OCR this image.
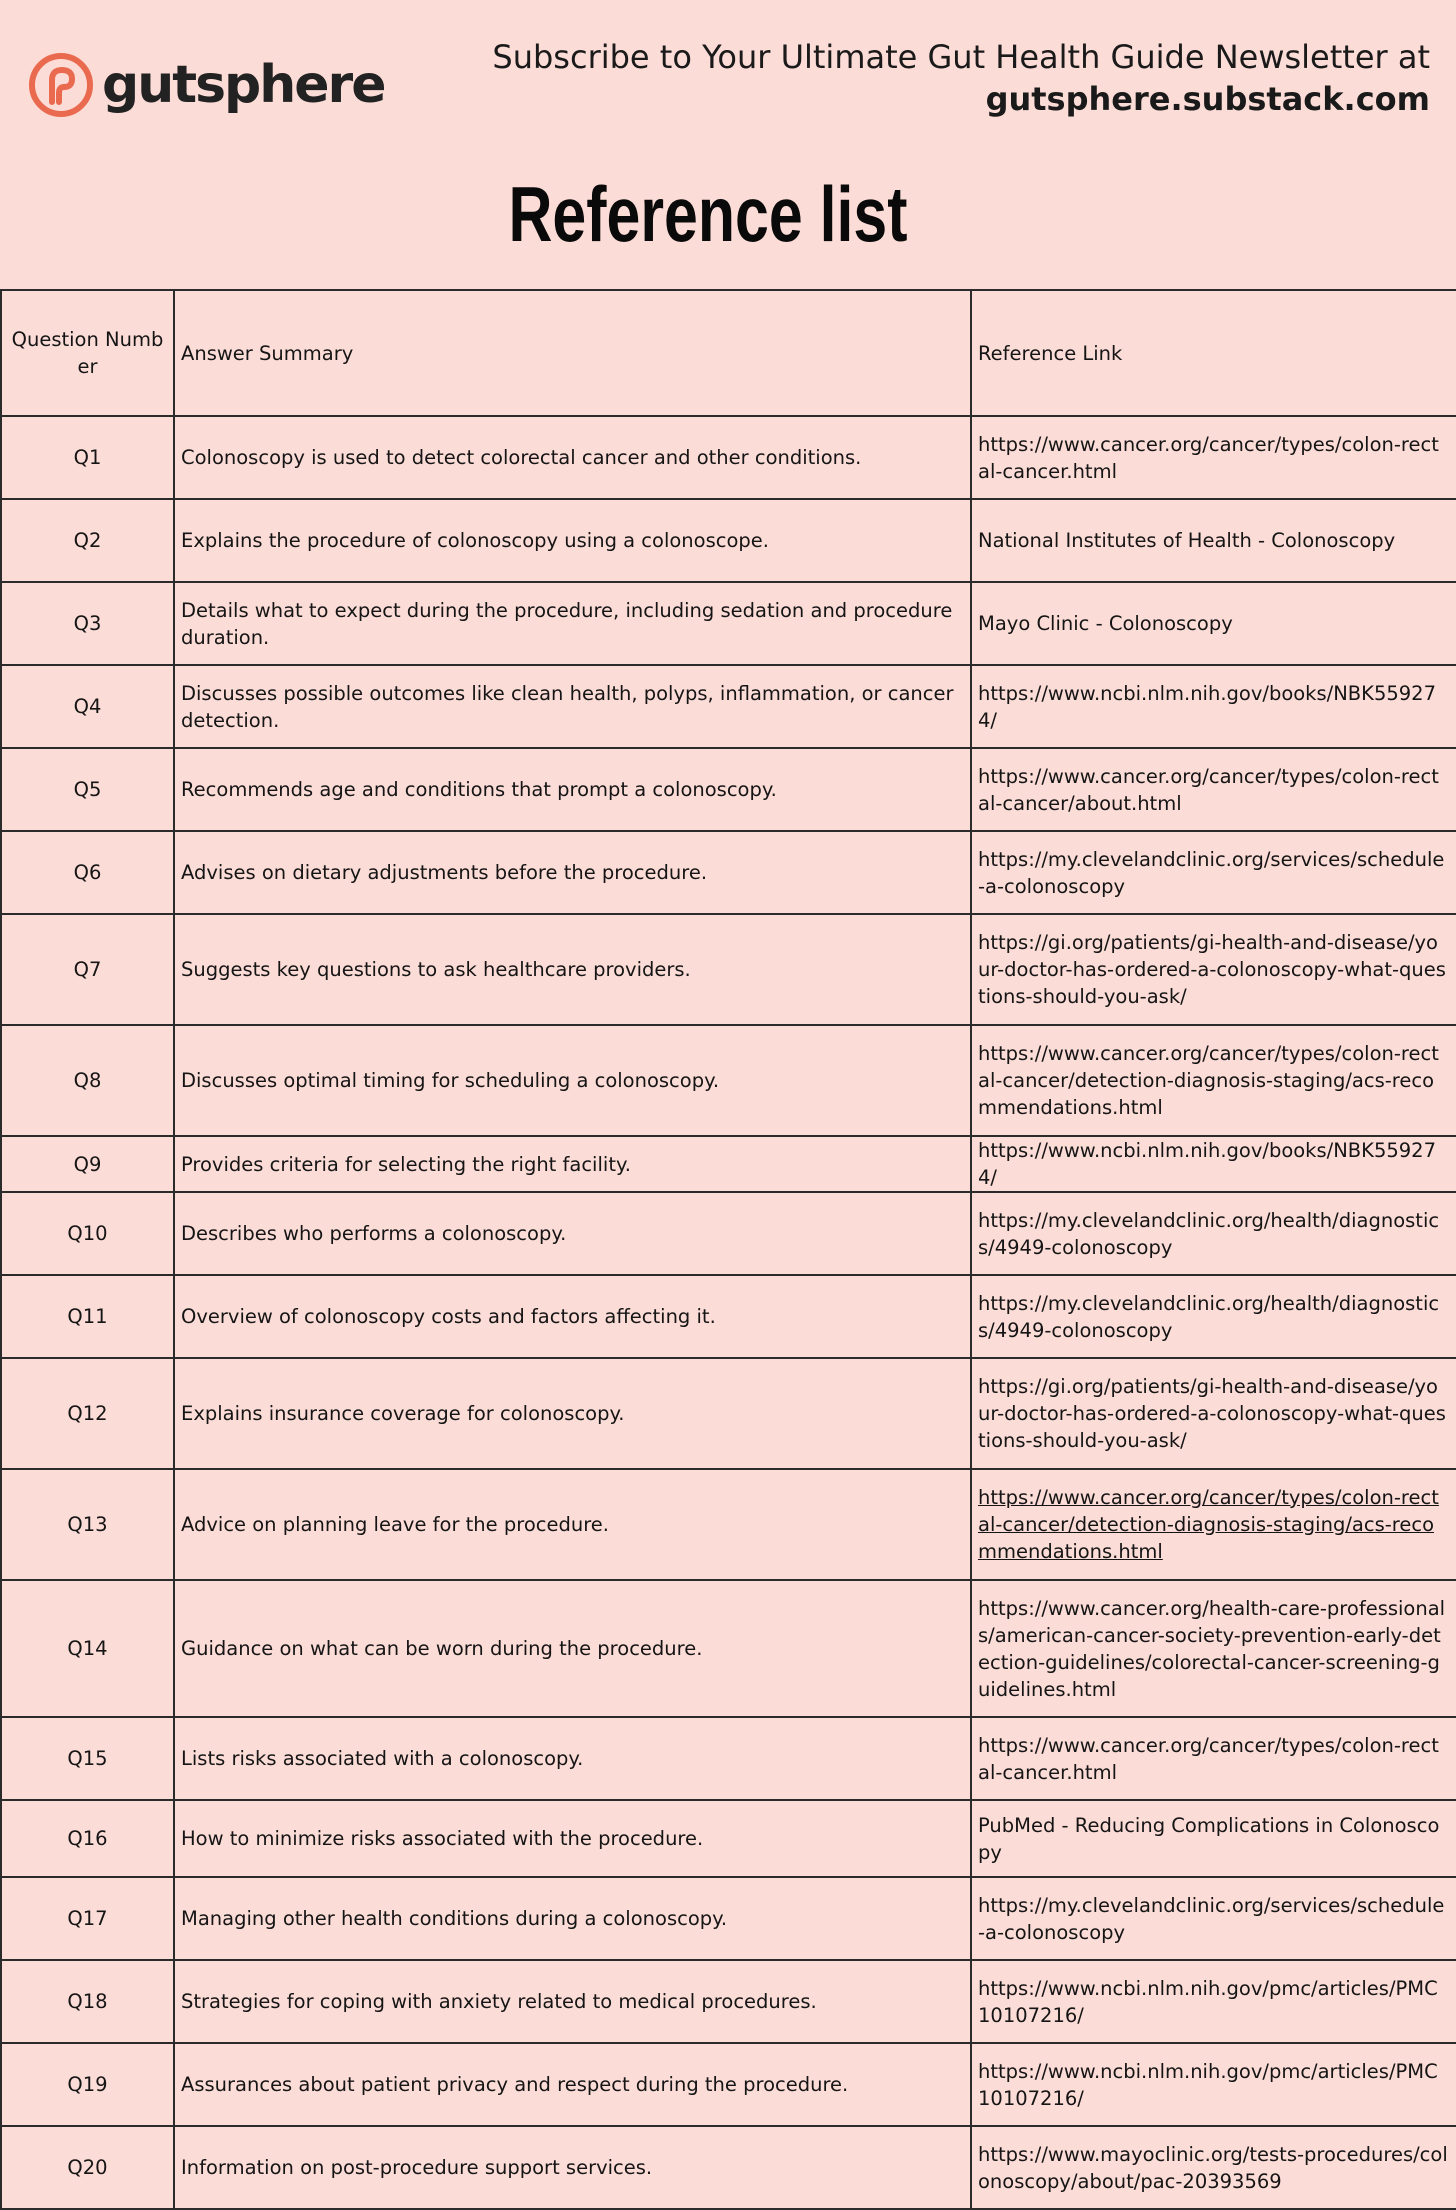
gutsphere	Subscribe to Your Ultimate Gut Health Guide Newsletter at
gutsphere.substack.com
Reference list
Question Number	Answer Summary	Reference Link
Q1	Colonoscopy is used to detect colorectal cancer and other conditions.	https://www.cancer.org/cancer/types/colon-rectal-cancer.html
Q2	Explains the procedure of colonoscopy using a colonoscope.	National Institutes of Health - Colonoscopy
Q3	Details what to expect during the procedure, including sedation and procedure duration.	Mayo Clinic - Colonoscopy
Q4	Discusses possible outcomes like clean health, polyps, inflammation, or cancer detection.	https://www.ncbi.nlm.nih.gov/books/NBK559274/
Q5	Recommends age and conditions that prompt a colonoscopy.	https://www.cancer.org/cancer/types/colon-rectal-cancer/about.html
Q6	Advises on dietary adjustments before the procedure.	https://my.clevelandclinic.org/services/schedule-a-colonoscopy
Q7	Suggests key questions to ask healthcare providers.	https://gi.org/patients/gi-health-and-disease/your-doctor-has-ordered-a-colonoscopy-what-questions-should-you-ask/
Q8	Discusses optimal timing for scheduling a colonoscopy.	https://www.cancer.org/cancer/types/colon-rectal-cancer/detection-diagnosis-staging/acs-recommendations.html
Q9	Provides criteria for selecting the right facility.	https://www.ncbi.nlm.nih.gov/books/NBK559274/
Q10	Describes who performs a colonoscopy.	https://my.clevelandclinic.org/health/diagnostics/4949-colonoscopy
Q11	Overview of colonoscopy costs and factors affecting it.	https://my.clevelandclinic.org/health/diagnostics/4949-colonoscopy
Q12	Explains insurance coverage for colonoscopy.	https://gi.org/patients/gi-health-and-disease/your-doctor-has-ordered-a-colonoscopy-what-questions-should-you-ask/
Q13	Advice on planning leave for the procedure.	https://www.cancer.org/cancer/types/colon-rectal-cancer/detection-diagnosis-staging/acs-recommendations.html
Q14	Guidance on what can be worn during the procedure.	https://www.cancer.org/health-care-professionals/american-cancer-society-prevention-early-detection-guidelines/colorectal-cancer-screening-guidelines.html
Q15	Lists risks associated with a colonoscopy.	https://www.cancer.org/cancer/types/colon-rectal-cancer.html
Q16	How to minimize risks associated with the procedure.	PubMed - Reducing Complications in Colonoscopy
Q17	Managing other health conditions during a colonoscopy.	https://my.clevelandclinic.org/services/schedule-a-colonoscopy
Q18	Strategies for coping with anxiety related to medical procedures.	https://www.ncbi.nlm.nih.gov/pmc/articles/PMC10107216/
Q19	Assurances about patient privacy and respect during the procedure.	https://www.ncbi.nlm.nih.gov/pmc/articles/PMC10107216/
Q20	Information on post-procedure support services.	https://www.mayoclinic.org/tests-procedures/colonoscopy/about/pac-20393569
